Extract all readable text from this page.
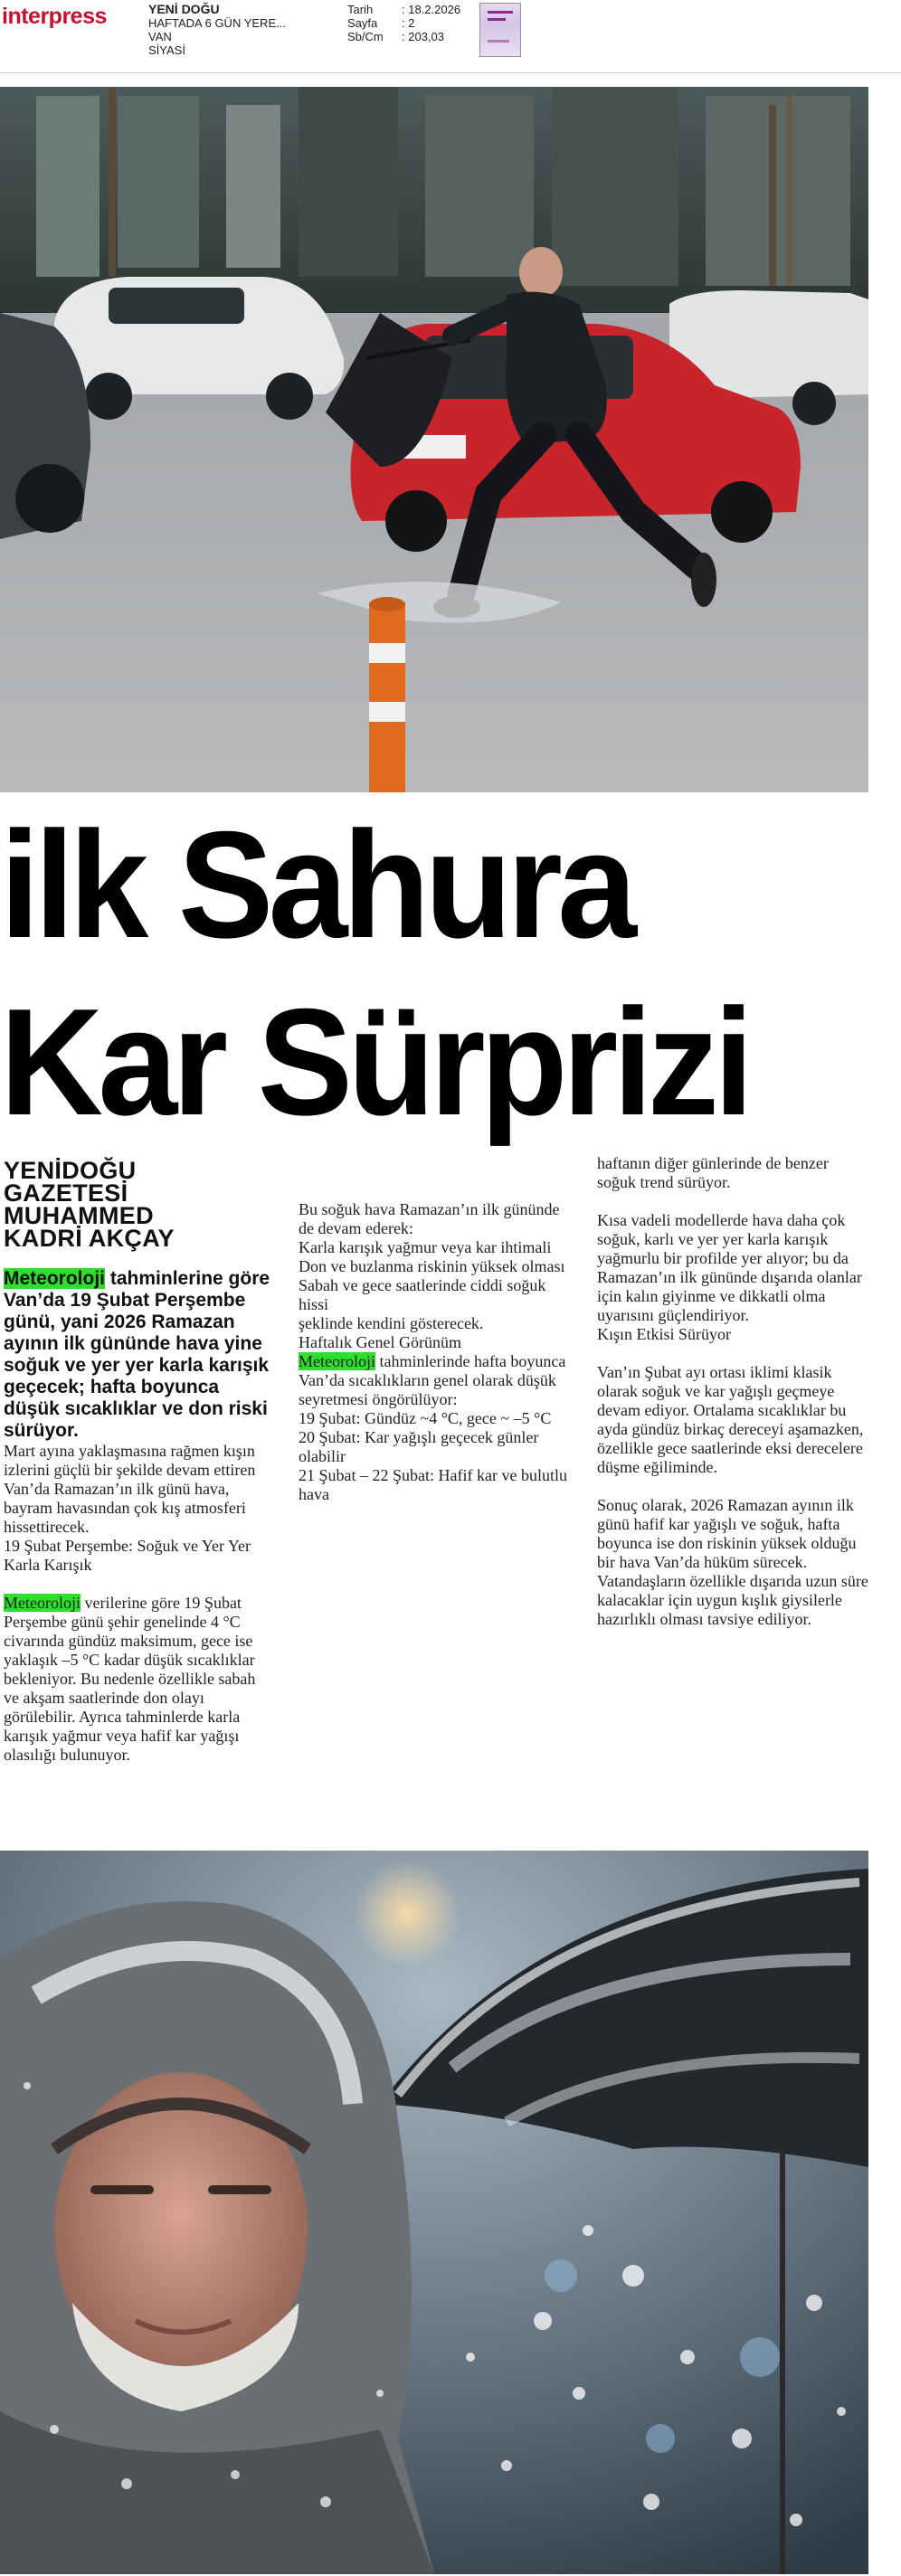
interpress	YENİ DOĞU
HAFTADA 6 GÜN YERE...
VAN
SİYASİ
Tarih	: 18.2.2026
Sayfa	: 2
Sb/Cm	: 203,03
ilk Sahura
Kar Sürprizi
YENİDOĞU
GAZETESİ
MUHAMMED
KADRİ AKÇAY

Meteoroloji tahminlerine göre Van’da 19 Şubat Perşembe günü, yani 2026 Ramazan ayının ilk gününde hava yine soğuk ve yer yer karla karışık geçecek; hafta boyunca düşük sıcaklıklar ve don riski sürüyor.

Mart ayına yaklaşmasına rağmen kışın izlerini güçlü bir şekilde devam ettiren Van’da Ramazan’ın ilk günü hava, bayram havasından çok kış atmosferi hissettirecek.

19 Şubat Perşembe: Soğuk ve Yer Yer Karla Karışık

Meteoroloji verilerine göre 19 Şubat Perşembe günü şehir genelinde 4 °C civarında gündüz maksimum, gece ise yaklaşık –5 °C kadar düşük sıcaklıklar bekleniyor. Bu nedenle özellikle sabah ve akşam saatlerinde don olayı görülebilir. Ayrıca tahminlerde karla karışık yağmur veya hafif kar yağışı olasılığı bulunuyor.

Bu soğuk hava Ramazan’ın ilk gününde de devam ederek:

Karla karışık yağmur veya kar ihtimali

Don ve buzlanma riskinin yüksek olması

Sabah ve gece saatlerinde ciddi soğuk hissi

şeklinde kendini gösterecek.

Haftalık Genel Görünüm

Meteoroloji tahminlerinde hafta boyunca Van’da sıcaklıkların genel olarak düşük seyretmesi öngörülüyor:

19 Şubat: Gündüz ~4 °C, gece ~ –5 °C

20 Şubat: Kar yağışlı geçecek günler olabilir

21 Şubat – 22 Şubat: Hafif kar ve bulutlu hava

haftanın diğer günlerinde de benzer soğuk trend sürüyor.

Kısa vadeli modellerde hava daha çok soğuk, karlı ve yer yer karla karışık yağmurlu bir profilde yer alıyor; bu da Ramazan’ın ilk gününde dışarıda olanlar için kalın giyinme ve dikkatli olma uyarısını güçlendiriyor.

Kışın Etkisi Sürüyor

Van’ın Şubat ayı ortası iklimi klasik olarak soğuk ve kar yağışlı geçmeye devam ediyor. Ortalama sıcaklıklar bu ayda gündüz birkaç dereceyi aşamazken, özellikle gece saatlerinde eksi derecelere düşme eğiliminde.

Sonuç olarak, 2026 Ramazan ayının ilk günü hafif kar yağışlı ve soğuk, hafta boyunca ise don riskinin yüksek olduğu bir hava Van’da hüküm sürecek. Vatandaşların özellikle dışarıda uzun süre kalacaklar için uygun kışlık giysilerle hazırlıklı olması tavsiye ediliyor.
